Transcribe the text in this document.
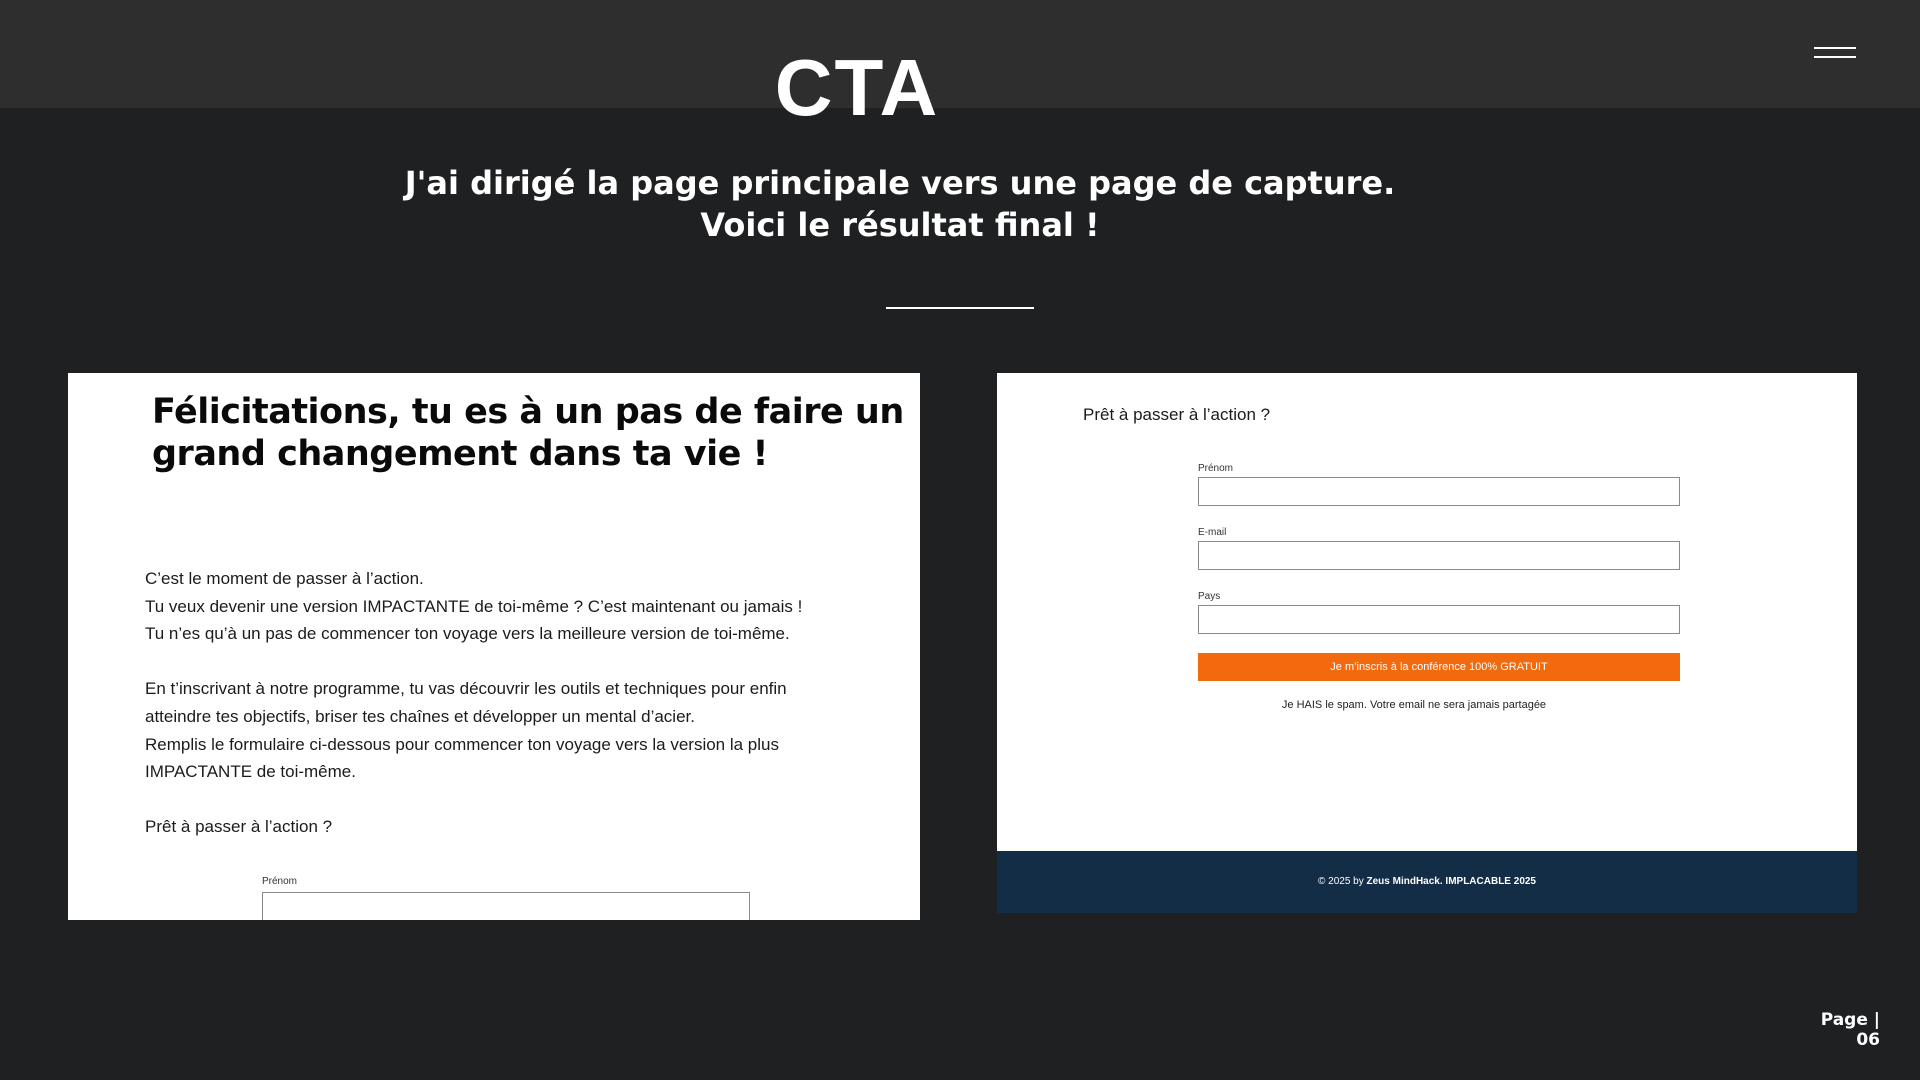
CTA
J'ai dirigé la page principale vers une page de capture. Voici le résultat final !
Félicitations, tu es à un pas de faire un grand changement dans ta vie !

C’est le moment de passer à l’action.

Tu veux devenir une version IMPACTANTE de toi-même ? C’est maintenant ou jamais !

Tu n’es qu’à un pas de commencer ton voyage vers la meilleure version de toi-même.

En t’inscrivant à notre programme, tu vas découvrir les outils et techniques pour enfin

atteindre tes objectifs, briser tes chaînes et développer un mental d’acier.

Remplis le formulaire ci-dessous pour commencer ton voyage vers la version la plus

IMPACTANTE de toi-même.

Prêt à passer à l’action ?

Prénom
Prêt à passer à l’action ?
Prénom
E-mail
Pays
Je m’inscris à la conférence 100% GRATUIT
Je HAIS le spam. Votre email ne sera jamais partagée
© 2025 by Zeus MindHack. IMPLACABLE 2025
Page | 06
